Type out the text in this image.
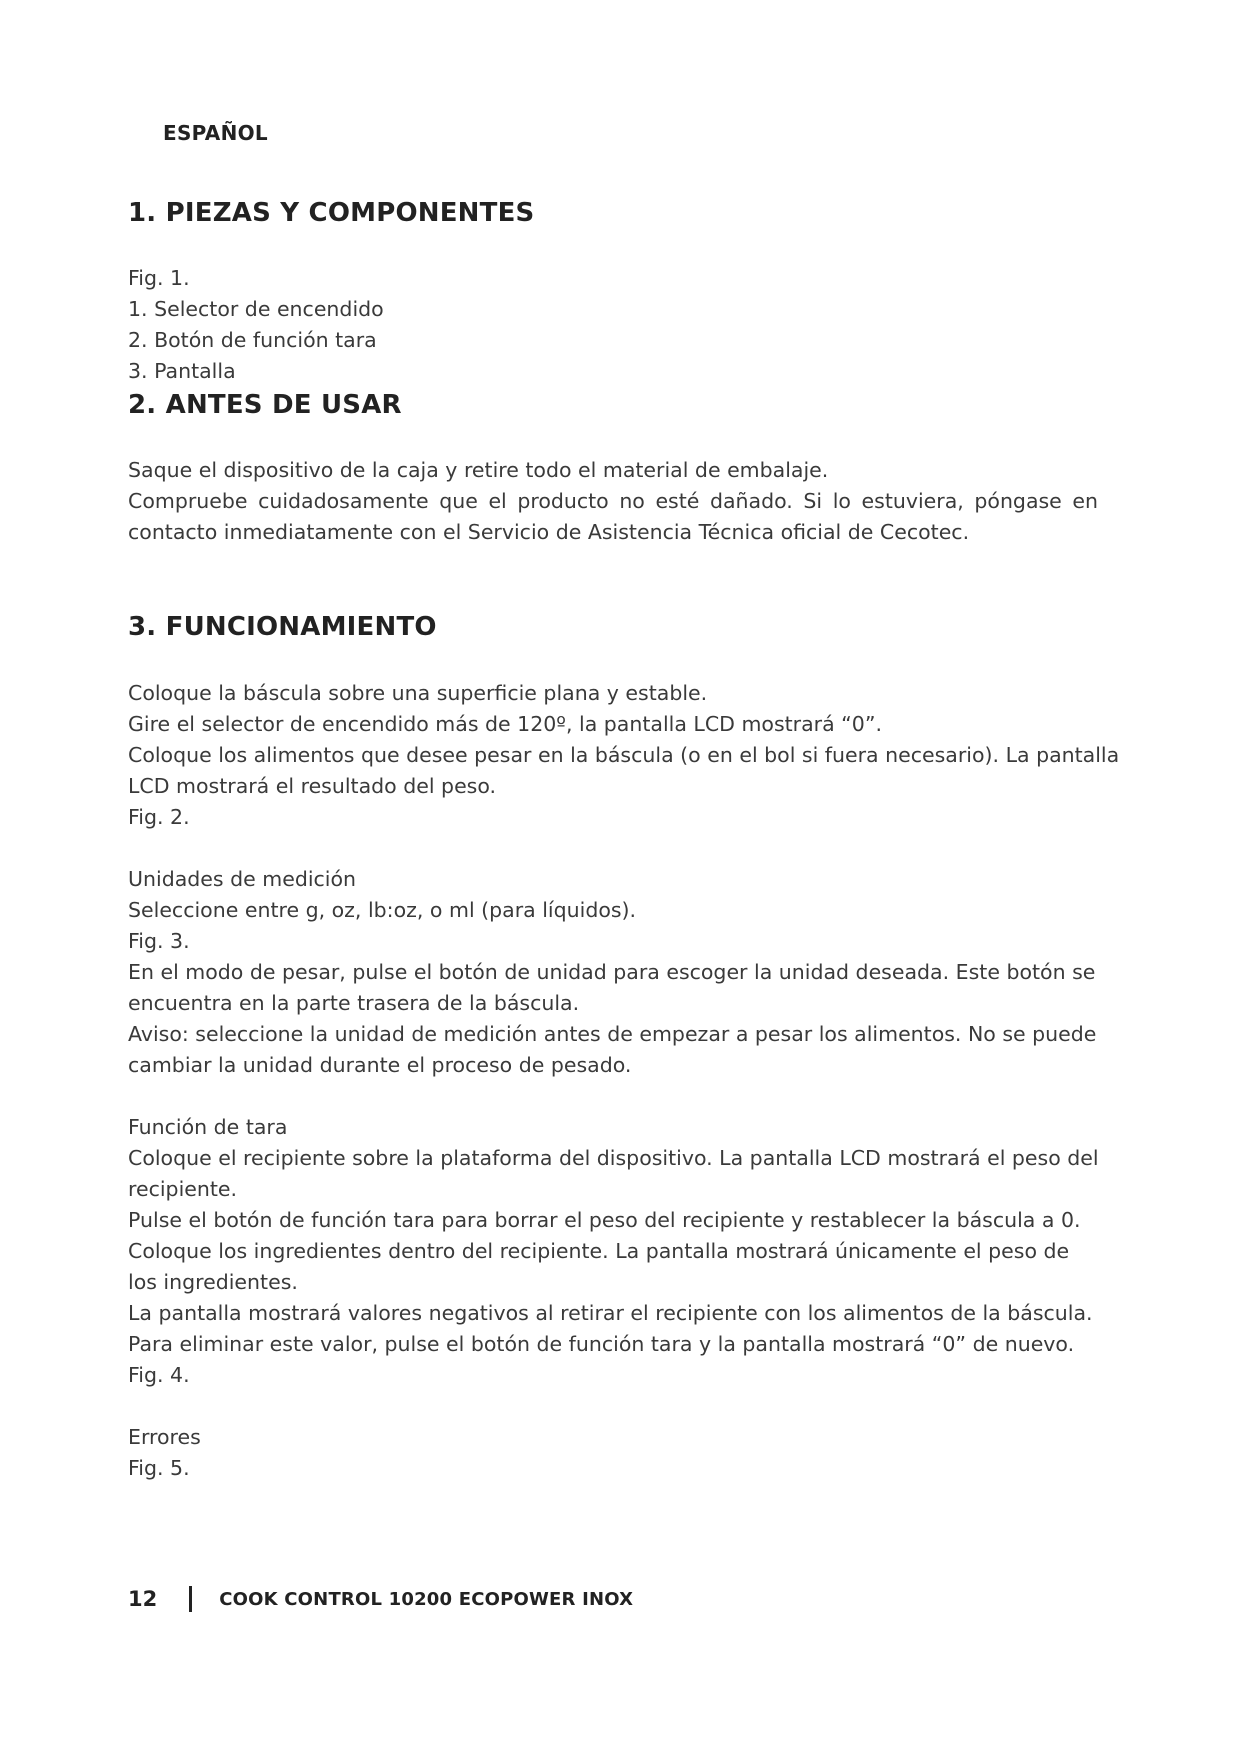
ESPAÑOL
1. PIEZAS Y COMPONENTES
Fig. 1.
1. Selector de encendido
2. Botón de función tara
3. Pantalla
2. ANTES DE USAR
Saque el dispositivo de la caja y retire todo el material de embalaje.
Compruebe cuidadosamente que el producto no esté dañado. Si lo estuviera, póngase en
contacto inmediatamente con el Servicio de Asistencia Técnica oficial de Cecotec.
3. FUNCIONAMIENTO
Coloque la báscula sobre una superficie plana y estable.
Gire el selector de encendido más de 120º, la pantalla LCD mostrará “0”.
Coloque los alimentos que desee pesar en la báscula (o en el bol si fuera necesario). La pantalla
LCD mostrará el resultado del peso.
Fig. 2.
Unidades de medición
Seleccione entre g, oz, lb:oz, o ml (para líquidos).
Fig. 3.
En el modo de pesar, pulse el botón de unidad para escoger la unidad deseada. Este botón se
encuentra en la parte trasera de la báscula.
Aviso: seleccione la unidad de medición antes de empezar a pesar los alimentos. No se puede
cambiar la unidad durante el proceso de pesado.
Función de tara
Coloque el recipiente sobre la plataforma del dispositivo. La pantalla LCD mostrará el peso del
recipiente.
Pulse el botón de función tara para borrar el peso del recipiente y restablecer la báscula a 0.
Coloque los ingredientes dentro del recipiente. La pantalla mostrará únicamente el peso de
los ingredientes.
La pantalla mostrará valores negativos al retirar el recipiente con los alimentos de la báscula.
Para eliminar este valor, pulse el botón de función tara y la pantalla mostrará “0” de nuevo.
Fig. 4.
Errores
Fig. 5.
12	COOK CONTROL 10200 ECOPOWER INOX
